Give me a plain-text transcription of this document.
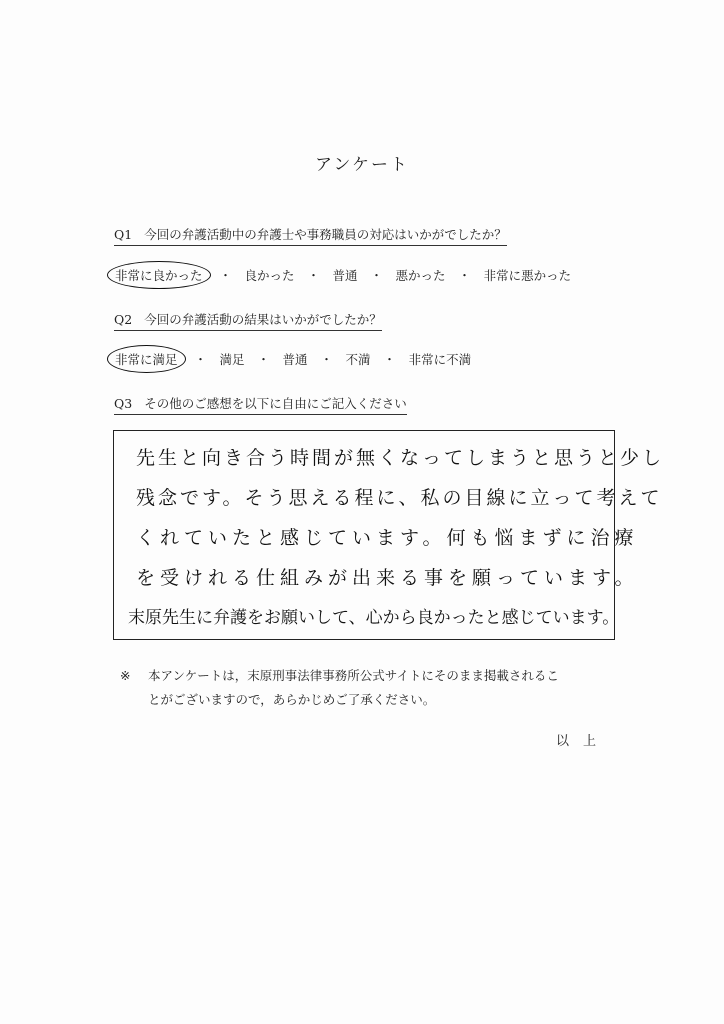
アンケート
Q1 今回の弁護活動中の弁護士や事務職員の対応はいかがでしたか？
非常に良かった	・	良かった	・	普通	・	悪かった	・	非常に悪かった
Q2 今回の弁護活動の結果はいかがでしたか？
非常に満足	・	満足	・	普通	・	不満	・	非常に不満
Q3 その他のご感想を以下に自由にご記入ください
先生と向き合う時間が無くなってしまうと思うと少し
残念です。そう思える程に、私の目線に立って考えて
くれていたと感じています。何も悩まずに治療
を受けれる仕組みが出来る事を願っています。
末原先生に弁護をお願いして、心から良かったと感じています。
※ 本アンケートは，末原刑事法律事務所公式サイトにそのまま掲載されるこ
とがございますので，あらかじめご了承ください。
以上
